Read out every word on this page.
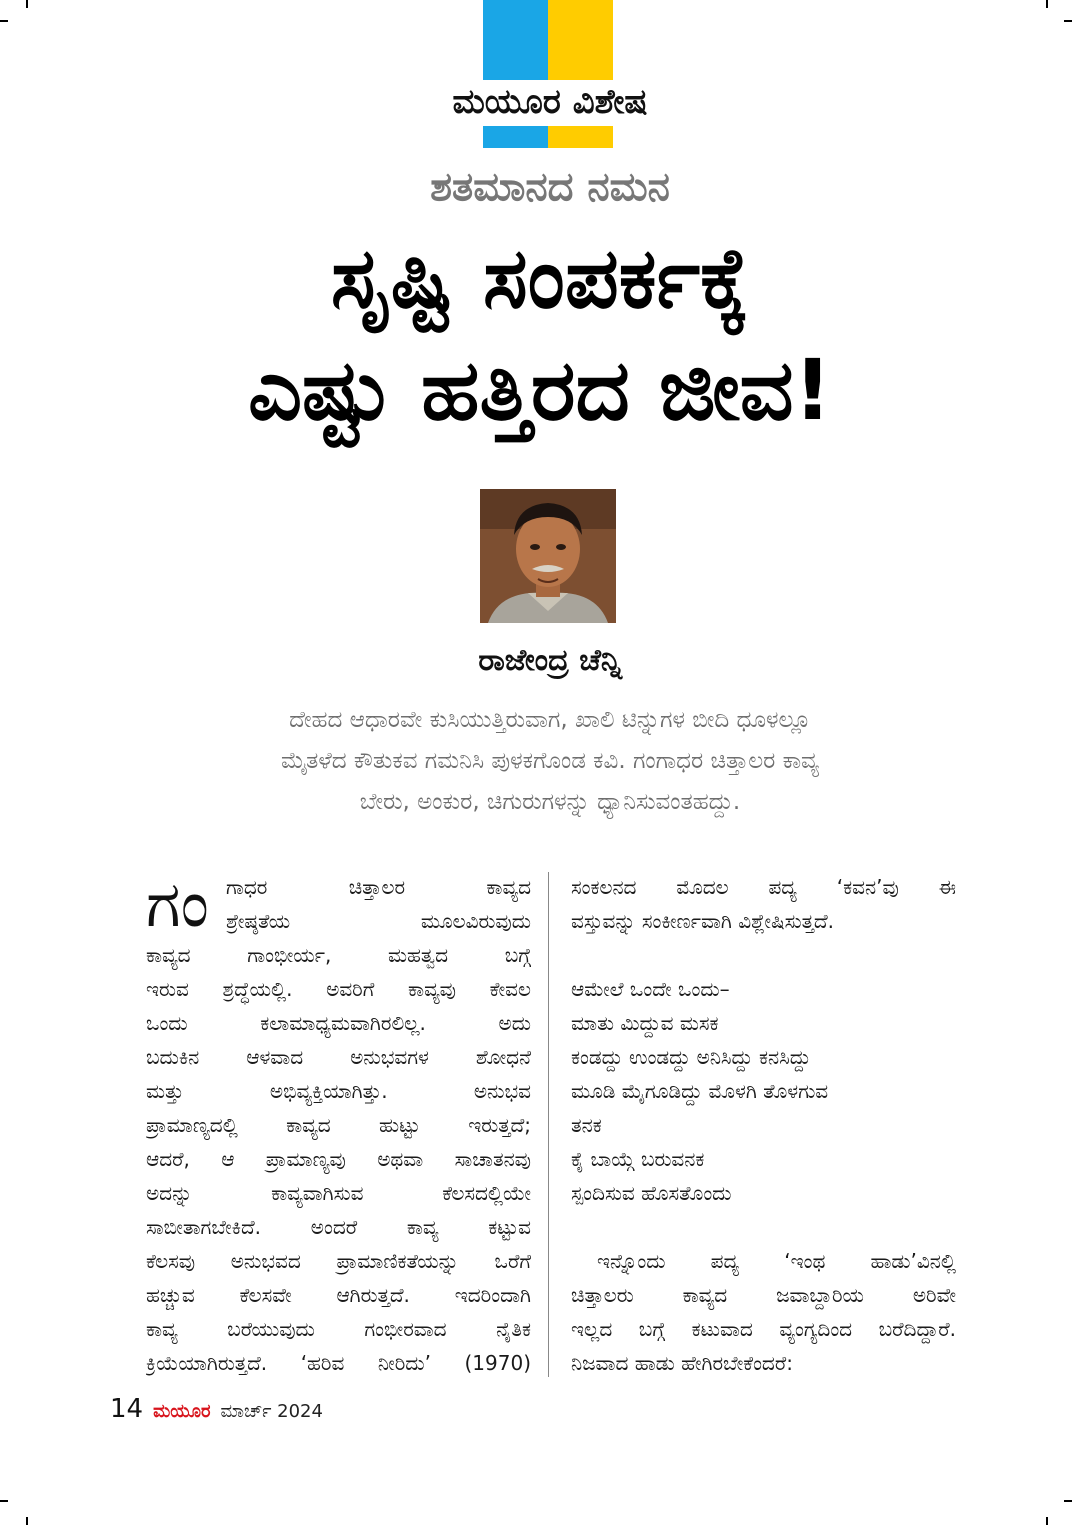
ಮಯೂರ ವಿಶೇಷ
ಶತಮಾನದ ನಮನ
ಸೃಷ್ಟಿ ಸಂಪರ್ಕಕ್ಕೆ
ಎಷ್ಟು ಹತ್ತಿರದ ಜೀವ!
ರಾಜೇಂದ್ರ ಚೆನ್ನಿ
ದೇಹದ ಆಧಾರವೇ ಕುಸಿಯುತ್ತಿರುವಾಗ, ಖಾಲಿ ಟಿನ್ನುಗಳ ಬೀದಿ ಧೂಳಲ್ಲೂ
ಮೈತಳೆದ ಕೌತುಕವ ಗಮನಿಸಿ ಪುಳಕಗೊಂಡ ಕವಿ. ಗಂಗಾಧರ ಚಿತ್ತಾಲರ ಕಾವ್ಯ
ಬೇರು, ಅಂಕುರ, ಚಿಗುರುಗಳನ್ನು ಧ್ಯಾನಿಸುವಂತಹದ್ದು.
ಗಂ ಗಾಧರ ಚಿತ್ತಾಲರ ಕಾವ್ಯದ
ಶ್ರೇಷ್ಠತೆಯ ಮೂಲವಿರುವುದು
ಕಾವ್ಯದ ಗಾಂಭೀರ್ಯ, ಮಹತ್ವದ ಬಗ್ಗೆ
ಇರುವ ಶ್ರದ್ಧೆಯಲ್ಲಿ. ಅವರಿಗೆ ಕಾವ್ಯವು ಕೇವಲ
ಒಂದು ಕಲಾಮಾಧ್ಯಮವಾಗಿರಲಿಲ್ಲ. ಅದು
ಬದುಕಿನ ಆಳವಾದ ಅನುಭವಗಳ ಶೋಧನೆ
ಮತ್ತು ಅಭಿವ್ಯಕ್ತಿಯಾಗಿತ್ತು. ಅನುಭವ
ಪ್ರಾಮಾಣ್ಯದಲ್ಲಿ ಕಾವ್ಯದ ಹುಟ್ಟು ಇರುತ್ತದೆ;
ಆದರೆ, ಆ ಪ್ರಾಮಾಣ್ಯವು ಅಥವಾ ಸಾಚಾತನವು
ಅದನ್ನು ಕಾವ್ಯವಾಗಿಸುವ ಕೆಲಸದಲ್ಲಿಯೇ
ಸಾಬೀತಾಗಬೇಕಿದೆ. ಅಂದರೆ ಕಾವ್ಯ ಕಟ್ಟುವ
ಕೆಲಸವು ಅನುಭವದ ಪ್ರಾಮಾಣಿಕತೆಯನ್ನು ಒರೆಗೆ
ಹಚ್ಚುವ ಕೆಲಸವೇ ಆಗಿರುತ್ತದೆ. ಇದರಿಂದಾಗಿ
ಕಾವ್ಯ ಬರೆಯುವುದು ಗಂಭೀರವಾದ ನೈತಿಕ
ಕ್ರಿಯೆಯಾಗಿರುತ್ತದೆ. ‘ಹರಿವ ನೀರಿದು’ (1970)
ಸಂಕಲನದ ಮೊದಲ ಪದ್ಯ ‘ಕವನ’ವು ಈ
ವಸ್ತುವನ್ನು ಸಂಕೀರ್ಣವಾಗಿ ವಿಶ್ಲೇಷಿಸುತ್ತದೆ.
ಆಮೇಲೆ ಒಂದೇ ಒಂದು–
ಮಾತು ಮಿದ್ದುವ ಮಸಕ
ಕಂಡದ್ದು ಉಂಡದ್ದು ಅನಿಸಿದ್ದು ಕನಸಿದ್ದು
ಮೂಡಿ ಮೈಗೂಡಿದ್ದು ಮೊಳಗಿ ತೊಳಗುವ
ತನಕ
ಕೈ ಬಾಯ್ಗೆ ಬರುವನಕ
ಸ್ಪಂದಿಸುವ ಹೊಸತೊಂದು
ಇನ್ನೊಂದು ಪದ್ಯ ‘ಇಂಥ ಹಾಡು’ವಿನಲ್ಲಿ
ಚಿತ್ತಾಲರು ಕಾವ್ಯದ ಜವಾಬ್ದಾರಿಯ ಅರಿವೇ
ಇಲ್ಲದ ಬಗ್ಗೆ ಕಟುವಾದ ವ್ಯಂಗ್ಯದಿಂದ ಬರೆದಿದ್ದಾರೆ.
ನಿಜವಾದ ಹಾಡು ಹೇಗಿರಬೇಕೆಂದರೆ:
14 ಮಯೂರ ಮಾರ್ಚ್ 2024
